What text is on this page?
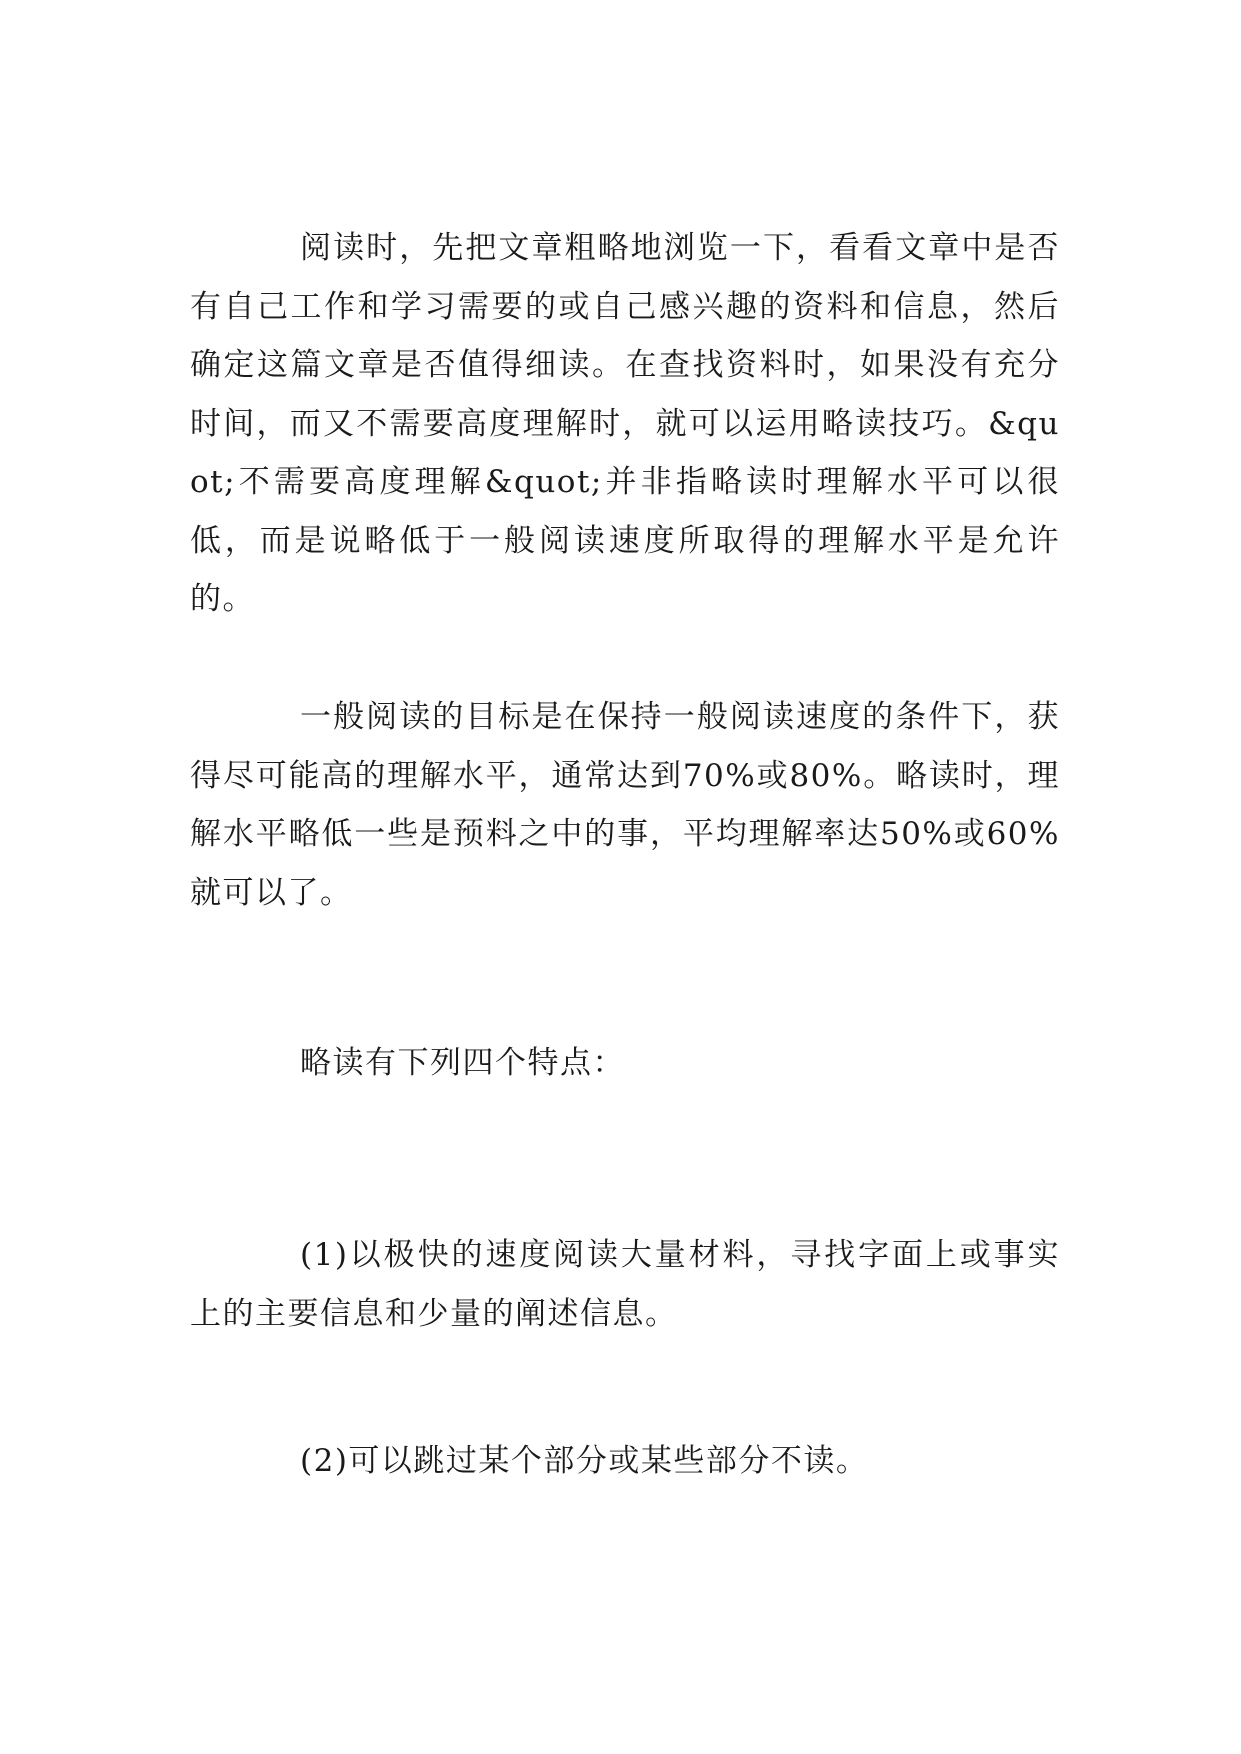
阅读时，先把文章粗略地浏览一下，看看文章中是否有自己工作和学习需要的或自己感兴趣的资料和信息，然后确定这篇文章是否值得细读。在查找资料时，如果没有充分时间，而又不需要高度理解时，就可以运用略读技巧。&quot;不需要高度理解&quot;并非指略读时理解水平可以很低，而是说略低于一般阅读速度所取得的理解水平是允许的。

一般阅读的目标是在保持一般阅读速度的条件下，获得尽可能高的理解水平，通常达到70%或80%。略读时，理解水平略低一些是预料之中的事，平均理解率达50%或60%就可以了。

略读有下列四个特点：

(1)以极快的速度阅读大量材料，寻找字面上或事实上的主要信息和少量的阐述信息。

(2)可以跳过某个部分或某些部分不读。
